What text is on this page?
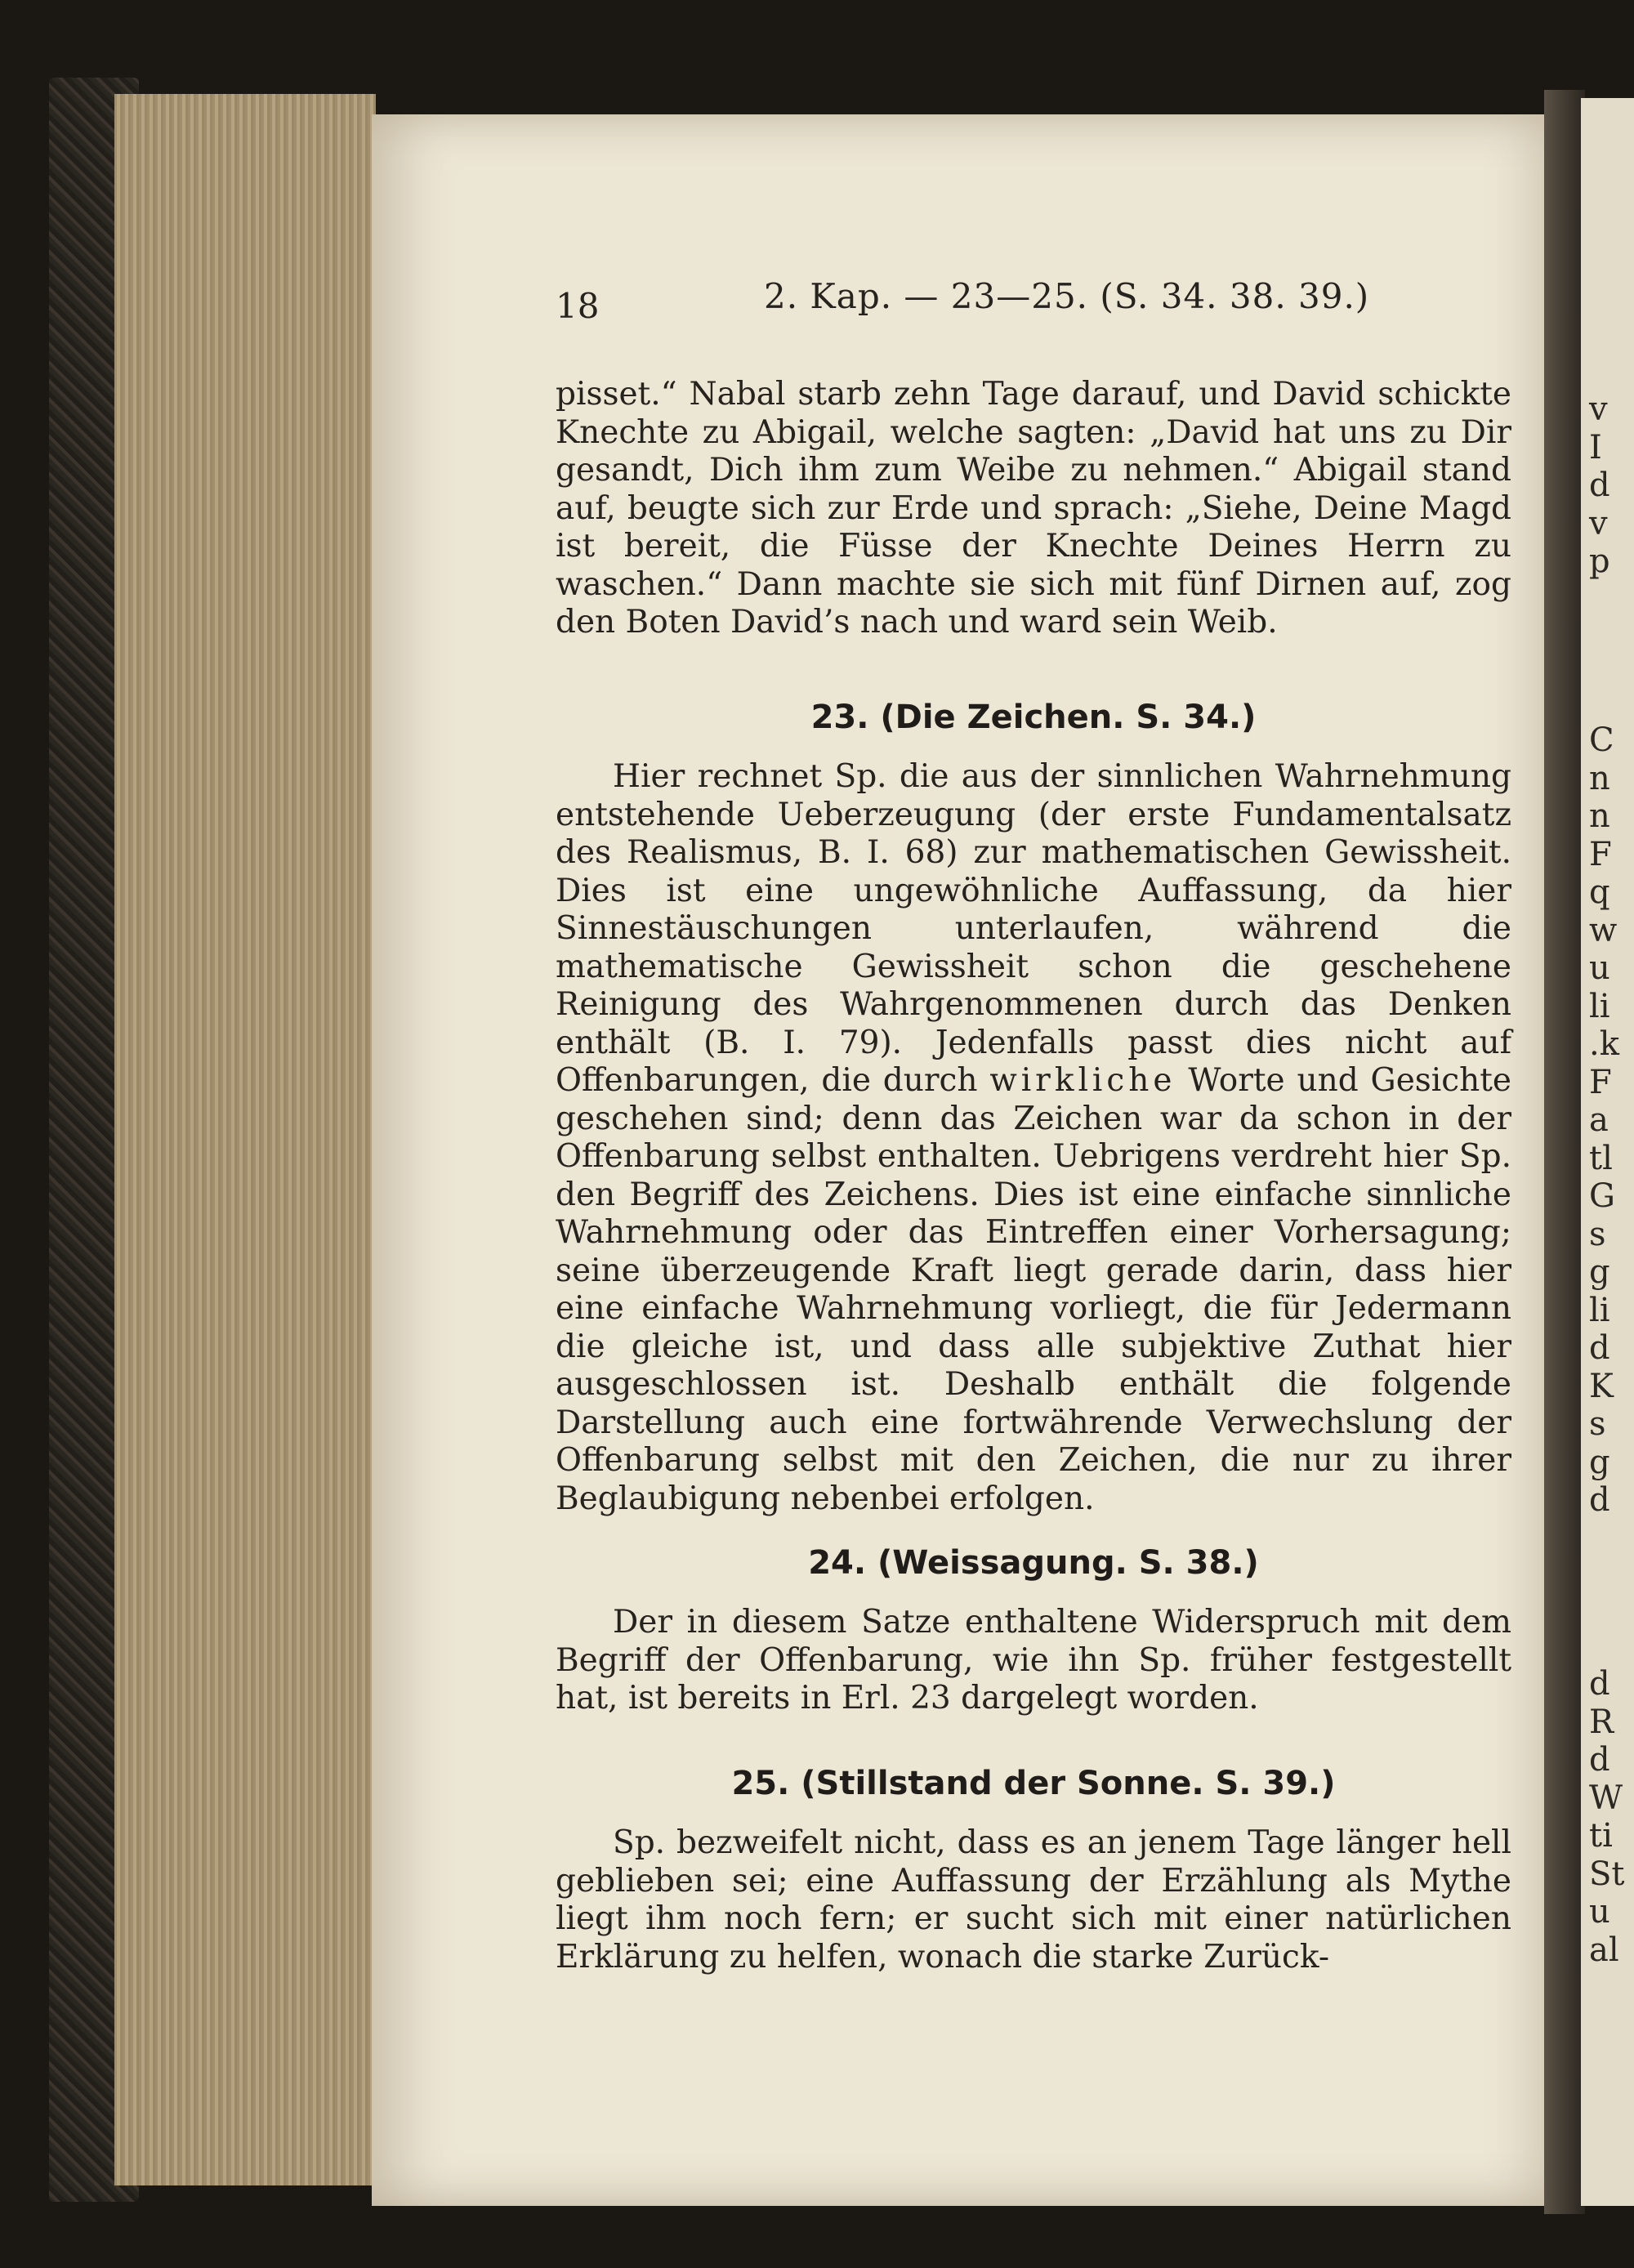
v
I
d
v
p
C
n
n
F
q
w
u
li
.k
F
a
tl
G
s
g
li
d
K
s
g
d
d
R
d
W
ti
St
u
al
18	2. Kap. — 23—25. (S. 34. 38. 39.)

pisset.“ Nabal starb zehn Tage darauf, und David schickte Knechte zu Abigail, welche sagten: „David hat uns zu Dir gesandt, Dich ihm zum Weibe zu nehmen.“ Abigail stand auf, beugte sich zur Erde und sprach: „Siehe, Deine Magd ist bereit, die Füsse der Knechte Deines Herrn zu waschen.“ Dann machte sie sich mit fünf Dirnen auf, zog den Boten David’s nach und ward sein Weib.

23. (Die Zeichen. S. 34.)

Hier rechnet Sp. die aus der sinnlichen Wahrnehmung entstehende Ueberzeugung (der erste Fundamentalsatz des Realismus, B. I. 68) zur mathematischen Gewissheit. Dies ist eine ungewöhnliche Auffassung, da hier Sinnestäuschungen unterlaufen, während die mathematische Gewissheit schon die geschehene Reinigung des Wahrgenommenen durch das Denken enthält (B. I. 79). Jedenfalls passt dies nicht auf Offenbarungen, die durch wirkliche Worte und Gesichte geschehen sind; denn das Zeichen war da schon in der Offenbarung selbst enthalten. Uebrigens verdreht hier Sp. den Begriff des Zeichens. Dies ist eine einfache sinnliche Wahrnehmung oder das Eintreffen einer Vorhersagung; seine überzeugende Kraft liegt gerade darin, dass hier eine einfache Wahrnehmung vorliegt, die für Jedermann die gleiche ist, und dass alle subjektive Zuthat hier ausgeschlossen ist. Deshalb enthält die folgende Darstellung auch eine fortwährende Verwechslung der Offenbarung selbst mit den Zeichen, die nur zu ihrer Beglaubigung nebenbei erfolgen.

24. (Weissagung. S. 38.)

Der in diesem Satze enthaltene Widerspruch mit dem Begriff der Offenbarung, wie ihn Sp. früher festgestellt hat, ist bereits in Erl. 23 dargelegt worden.

25. (Stillstand der Sonne. S. 39.)

Sp. bezweifelt nicht, dass es an jenem Tage länger hell geblieben sei; eine Auffassung der Erzählung als Mythe liegt ihm noch fern; er sucht sich mit einer natürlichen Erklärung zu helfen, wonach die starke Zurück-
